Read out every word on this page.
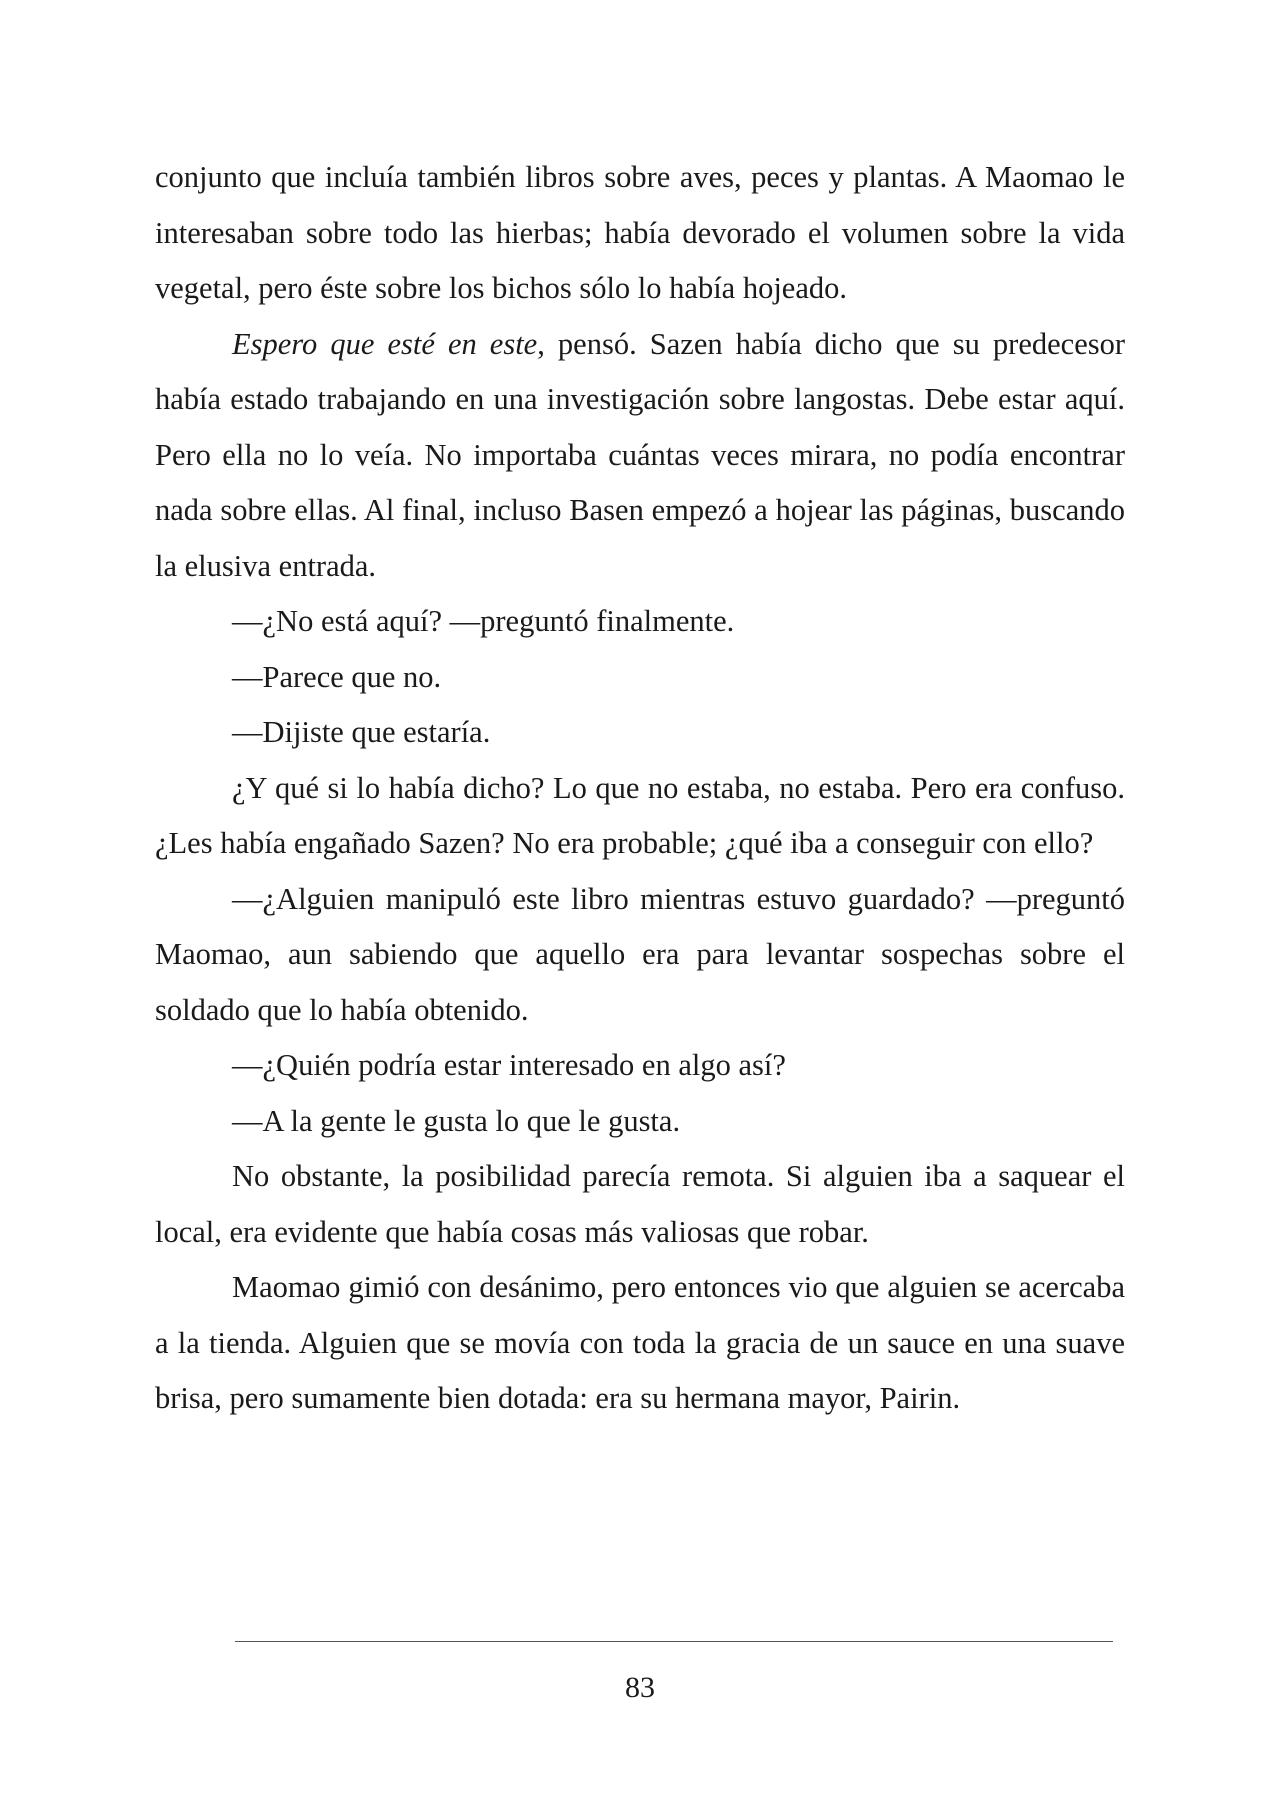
conjunto que incluía también libros sobre aves, peces y plantas. A Maomao le interesaban sobre todo las hierbas; había devorado el volumen sobre la vida vegetal, pero éste sobre los bichos sólo lo había hojeado.

Espero que esté en este, pensó. Sazen había dicho que su predecesor había estado trabajando en una investigación sobre langostas. Debe estar aquí. Pero ella no lo veía. No importaba cuántas veces mirara, no podía encontrar nada sobre ellas. Al final, incluso Basen empezó a hojear las páginas, buscando la elusiva entrada.

—¿No está aquí? —preguntó finalmente.

—Parece que no.

—Dijiste que estaría.

¿Y qué si lo había dicho? Lo que no estaba, no estaba. Pero era confuso. ¿Les había engañado Sazen? No era probable; ¿qué iba a conseguir con ello?

—¿Alguien manipuló este libro mientras estuvo guardado? —preguntó Maomao, aun sabiendo que aquello era para levantar sospechas sobre el soldado que lo había obtenido.

—¿Quién podría estar interesado en algo así?

—A la gente le gusta lo que le gusta.

No obstante, la posibilidad parecía remota. Si alguien iba a saquear el local, era evidente que había cosas más valiosas que robar.

Maomao gimió con desánimo, pero entonces vio que alguien se acercaba a la tienda. Alguien que se movía con toda la gracia de un sauce en una suave brisa, pero sumamente bien dotada: era su hermana mayor, Pairin.

83
